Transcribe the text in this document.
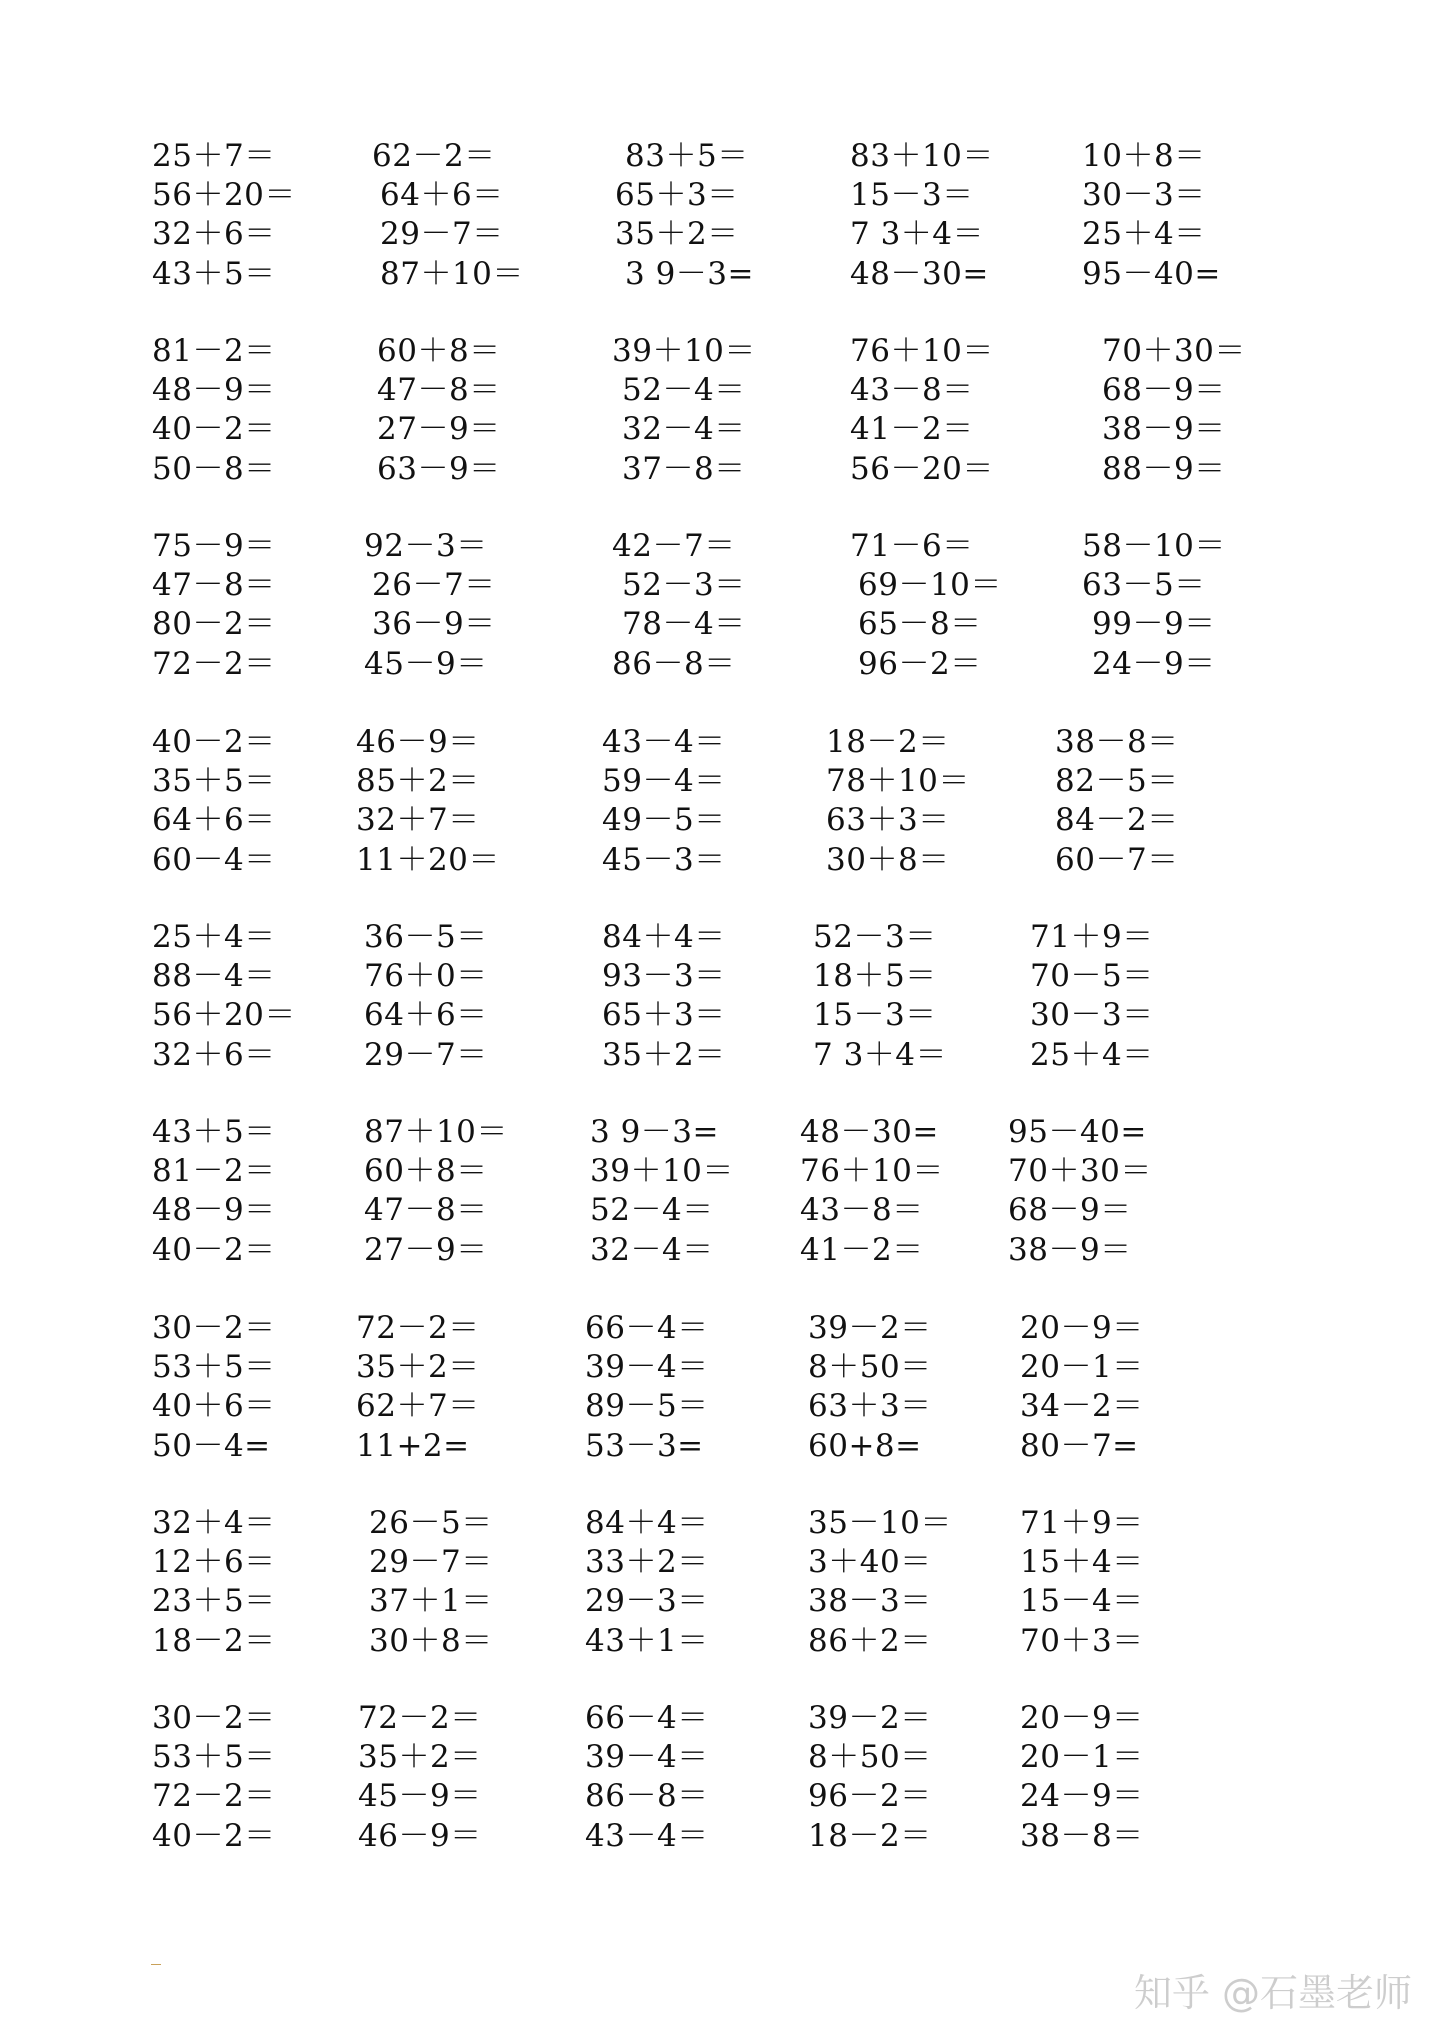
25＋7＝	62－2＝	83＋5＝	83＋10＝	10＋8＝
56＋20＝	64＋6＝	65＋3＝	15－3＝	30－3＝
32＋6＝	29－7＝	35＋2＝	7 3＋4＝	25＋4＝
43＋5＝	87＋10＝	3 9－3=	48－30=	95－40=
81－2＝	60＋8＝	39＋10＝	76＋10＝	70＋30＝
48－9＝	47－8＝	52－4＝	43－8＝	68－9＝
40－2＝	27－9＝	32－4＝	41－2＝	38－9＝
50－8＝	63－9＝	37－8＝	56－20＝	88－9＝
75－9＝	92－3＝	42－7＝	71－6＝	58－10＝
47－8＝	26－7＝	52－3＝	69－10＝	63－5＝
80－2＝	36－9＝	78－4＝	65－8＝	99－9＝
72－2＝	45－9＝	86－8＝	96－2＝	24－9＝
40－2＝	46－9＝	43－4＝	18－2＝	38－8＝
35＋5＝	85＋2＝	59－4＝	78＋10＝	82－5＝
64＋6＝	32＋7＝	49－5＝	63＋3＝	84－2＝
60－4＝	11＋20＝	45－3＝	30＋8＝	60－7＝
25＋4＝	36－5＝	84＋4＝	52－3＝	71＋9＝
88－4＝	76＋0＝	93－3＝	18＋5＝	70－5＝
56＋20＝ 64＋6＝	65＋3＝	15－3＝	30－3＝
32＋6＝	29－7＝	35＋2＝	7 3＋4＝	25＋4＝
43＋5＝	87＋10＝	3 9－3=	48－30= 95－40=
81－2＝	60＋8＝	39＋10＝ 76＋10＝ 70＋30＝
48－9＝	47－8＝	52－4＝	43－8＝	68－9＝
40－2＝	27－9＝	32－4＝	41－2＝	38－9＝
30－2＝	72－2＝	66－4＝	39－2＝	20－9＝
53＋5＝	35＋2＝	39－4＝	8＋50＝	20－1＝
40＋6＝	62＋7＝	89－5＝	63＋3＝	34－2＝
50－4=	11+2=	53－3=	60+8=	80－7=
32＋4＝	26－5＝	84＋4＝	35－10＝ 71＋9＝
12＋6＝	29－7＝	33＋2＝	3＋40＝	15＋4＝
23＋5＝	37＋1＝	29－3＝	38－3＝	15－4＝
18－2＝	30＋8＝	43＋1＝	86＋2＝	70＋3＝
30－2＝	72－2＝	66－4＝	39－2＝	20－9＝
53＋5＝	35＋2＝	39－4＝	8＋50＝	20－1＝
72－2＝	45－9＝	86－8＝	96－2＝	24－9＝
40－2＝	46－9＝	43－4＝	18－2＝	38－8＝
知乎 @石墨老师
